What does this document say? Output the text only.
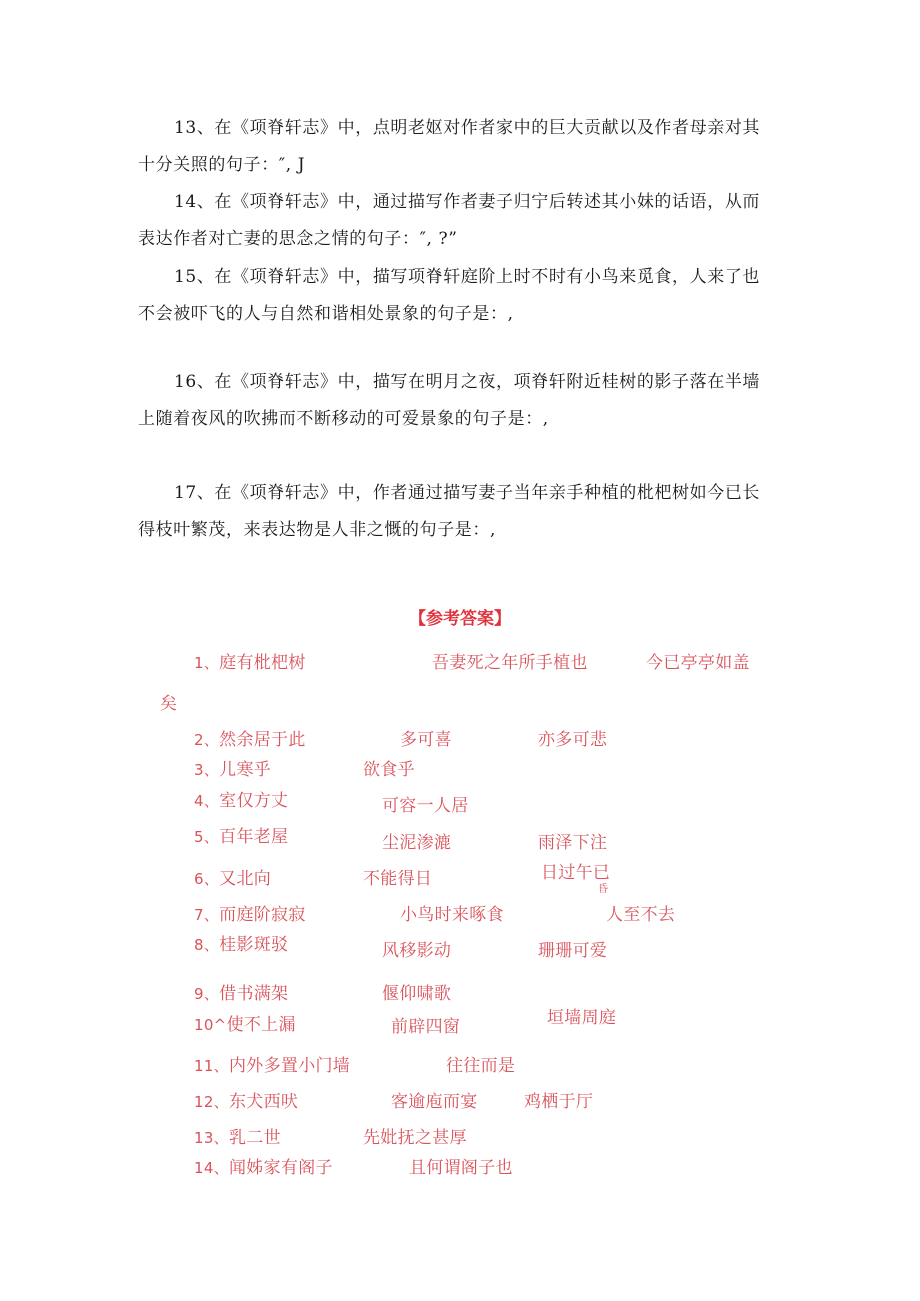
13、在《项脊轩志》中，点明老妪对作者家中的巨大贡献以及作者母亲对其
十分关照的句子：″, J
14、在《项脊轩志》中，通过描写作者妻子归宁后转述其小妹的话语，从而
表达作者对亡妻的思念之情的句子：″, ?”
15、在《项脊轩志》中，描写项脊轩庭阶上时不时有小鸟来觅食，人来了也
不会被吓飞的人与自然和谐相处景象的句子是：,
16、在《项脊轩志》中，描写在明月之夜，项脊轩附近桂树的影子落在半墙
上随着夜风的吹拂而不断移动的可爱景象的句子是：,
17、在《项脊轩志》中，作者通过描写妻子当年亲手种植的枇杷树如今已长
得枝叶繁茂，来表达物是人非之慨的句子是：,
【参考答案】
1、庭有枇杷树	吾妻死之年所手植也	今已亭亭如盖
矣
2、然余居于此	多可喜	亦多可悲
3、儿寒乎	欲食乎
4、室仅方丈	可容一人居
5、百年老屋	尘泥渗漉	雨泽下注
6、又北向	不能得日	日过午已
昏
7、而庭阶寂寂	小鸟时来啄食	人至不去
8、桂影斑驳	风移影动	珊珊可爱
9、借书满架	偃仰啸歌
10^使不上漏	前辟四窗	垣墙周庭
11、内外多置小门墙	往往而是
12、东犬西吠	客逾庖而宴	鸡栖于厅
13、乳二世	先妣抚之甚厚
14、闻姊家有阁子	且何谓阁子也
